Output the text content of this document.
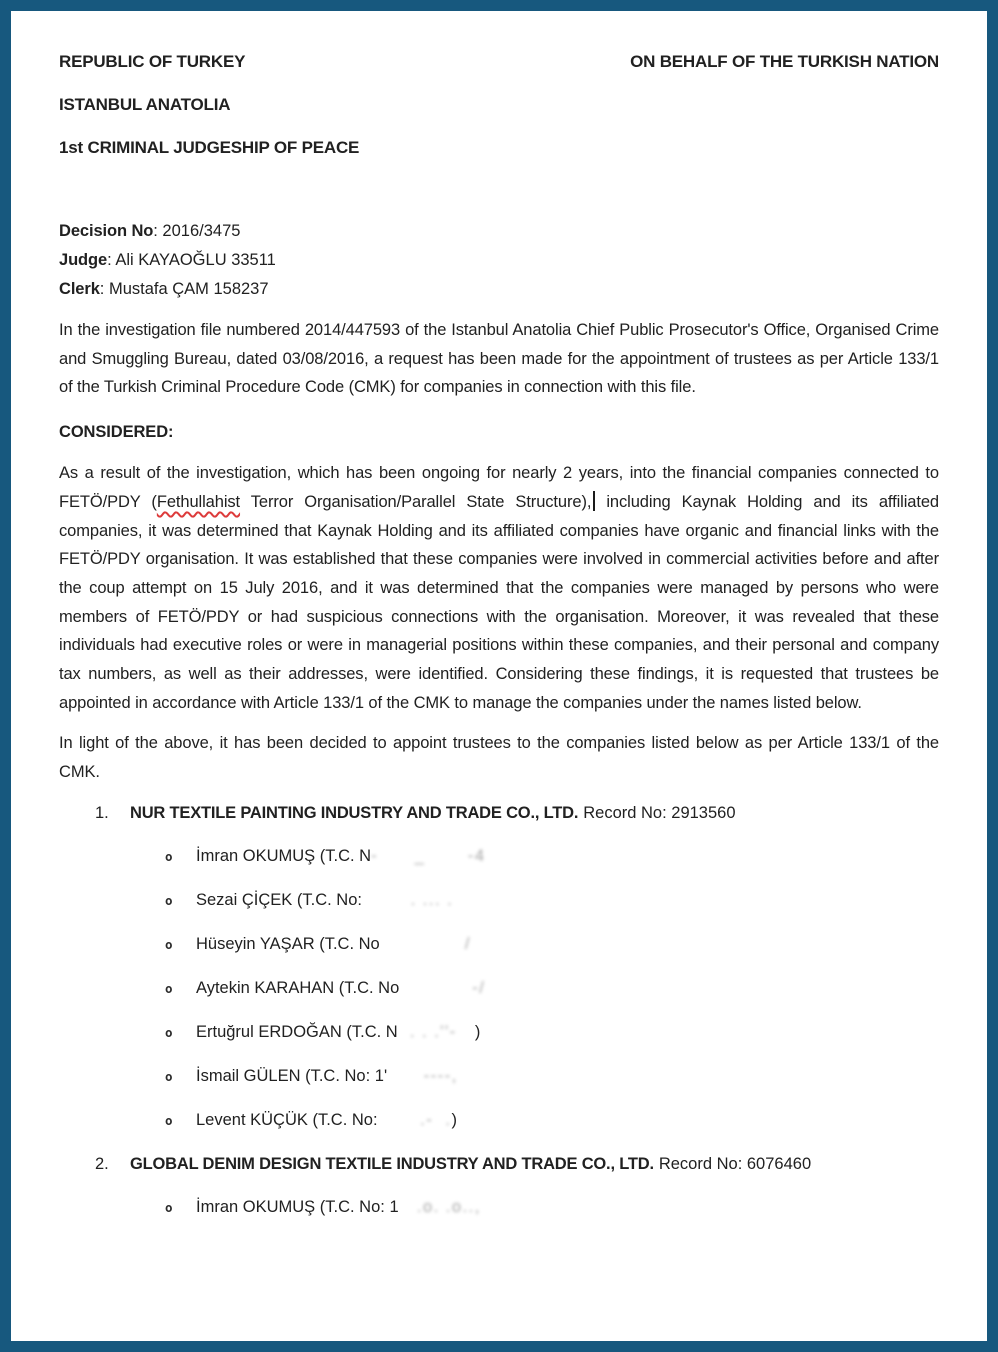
REPUBLIC OF TURKEY	ON BEHALF OF THE TURKISH NATION
ISTANBUL ANATOLIA
1st CRIMINAL JUDGESHIP OF PEACE
Decision No: 2016/3475
Judge: Ali KAYAOĞLU 33511
Clerk: Mustafa ÇAM 158237

In the investigation file numbered 2014/447593 of the Istanbul Anatolia Chief Public Prosecutor's Office, Organised Crime and Smuggling Bureau, dated 03/08/2016, a request has been made for the appointment of trustees as per Article 133/1 of the Turkish Criminal Procedure Code (CMK) for companies in connection with this file.

CONSIDERED:

As a result of the investigation, which has been ongoing for nearly 2 years, into the financial companies connected to FETÖ/PDY (Fethullahist Terror Organisation/Parallel State Structure), including Kaynak Holding and its affiliated companies, it was determined that Kaynak Holding and its affiliated companies have organic and financial links with the FETÖ/PDY organisation. It was established that these companies were involved in commercial activities before and after the coup attempt on 15 July 2016, and it was determined that the companies were managed by persons who were members of FETÖ/PDY or had suspicious connections with the organisation. Moreover, it was revealed that these individuals had executive roles or were in managerial positions within these companies, and their personal and company tax numbers, as well as their addresses, were identified. Considering these findings, it is requested that trustees be appointed in accordance with Article 133/1 of the CMK to manage the companies under the names listed below.

In light of the above, it has been decided to appoint trustees to the companies listed below as per Article 133/1 of the CMK.

1.	NUR TEXTILE PAINTING INDUSTRY AND TRADE CO., LTD. Record No: 2913560
o	İmran OKUMUŞ (T.C. N-      _       -4
o	Sezai ÇİÇEK (T.C. No:        . ... .
o	Hüseyin YAŞAR (T.C. No              /
o	Aytekin KARAHAN (T.C. No            -/
o	Ertuğrul ERDOĞAN (T.C. N  . . .''-   )
o	İsmail GÜLEN (T.C. No: 1'      ----,
o	Levent KÜÇÜK (T.C. No:       .-  .)
2.	GLOBAL DENIM DESIGN TEXTILE INDUSTRY AND TRADE CO., LTD. Record No: 6076460
o	İmran OKUMUŞ (T.C. No: 1   .o. .o..,
